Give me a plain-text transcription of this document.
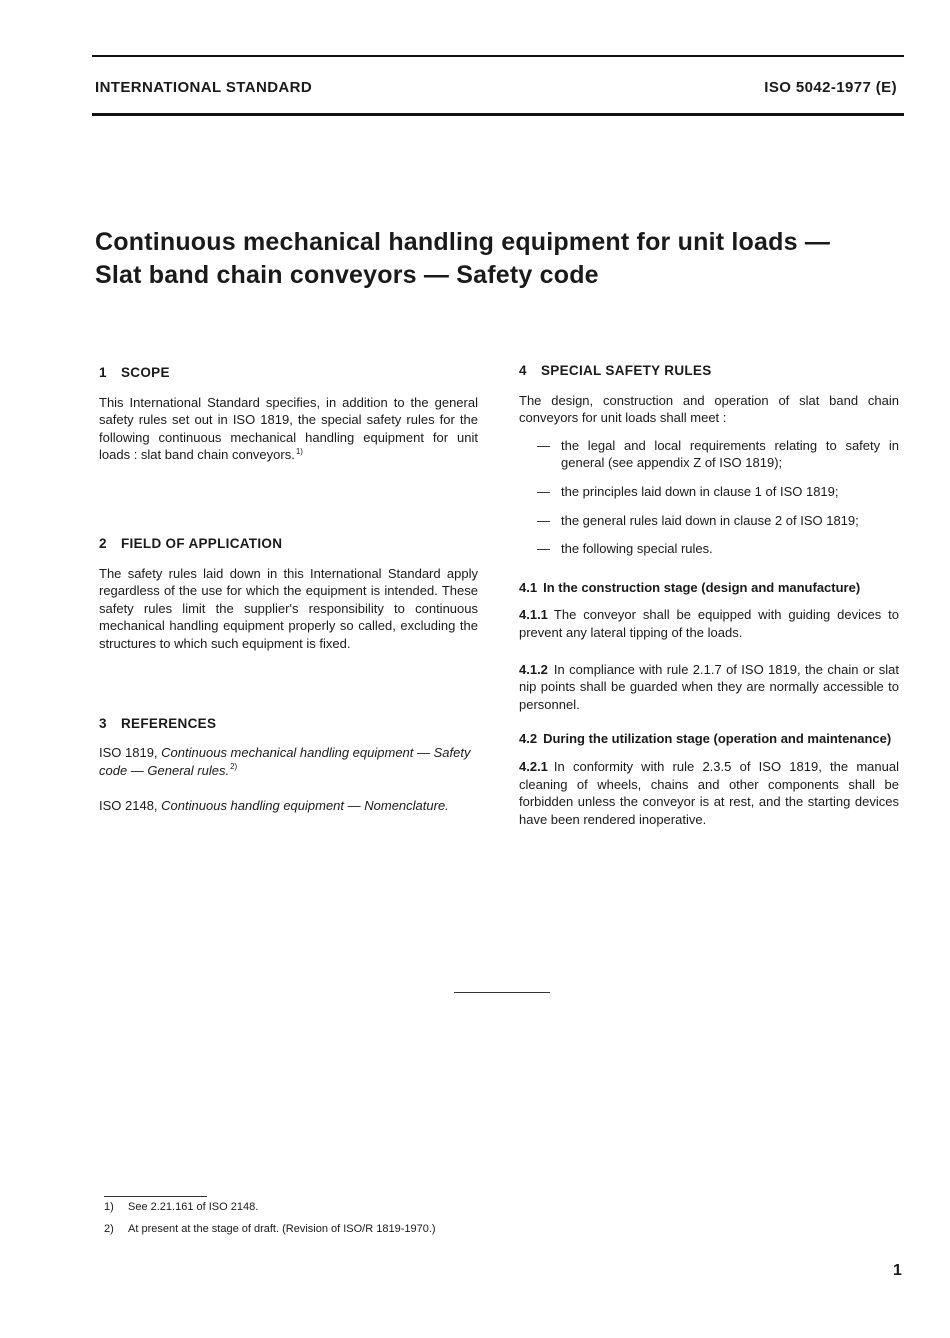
INTERNATIONAL STANDARD	ISO 5042-1977 (E)
Continuous mechanical handling equipment for unit loads —
Slat band chain conveyors — Safety code
1 SCOPE

This International Standard specifies, in addition to the general safety rules set out in ISO 1819, the special safety rules for the following continuous mechanical handling equipment for unit loads : slat band chain conveyors.$^{1)}$

2 FIELD OF APPLICATION

The safety rules laid down in this International Standard apply regardless of the use for which the equipment is intended. These safety rules limit the supplier's responsibility to continuous mechanical handling equipment properly so called, excluding the structures to which such equipment is fixed.

3 REFERENCES

ISO 1819, Continuous mechanical handling equipment — Safety code — General rules.$^{2)}$

ISO 2148, Continuous handling equipment — Nomenclature.

4 SPECIAL SAFETY RULES

The design, construction and operation of slat band chain conveyors for unit loads shall meet :

— the legal and local requirements relating to safety in general (see appendix Z of ISO 1819);
— the principles laid down in clause 1 of ISO 1819;
— the general rules laid down in clause 2 of ISO 1819;
— the following special rules.
4.1 In the construction stage (design and manufacture)

4.1.1 The conveyor shall be equipped with guiding devices to prevent any lateral tipping of the loads.

4.1.2 In compliance with rule 2.1.7 of ISO 1819, the chain or slat nip points shall be guarded when they are normally accessible to personnel.

4.2 During the utilization stage (operation and maintenance)

4.2.1 In conformity with rule 2.3.5 of ISO 1819, the manual cleaning of wheels, chains and other components shall be forbidden unless the conveyor is at rest, and the starting devices have been rendered inoperative.

1) See 2.21.161 of ISO 2148.
2) At present at the stage of draft. (Revision of ISO/R 1819-1970.)
1
